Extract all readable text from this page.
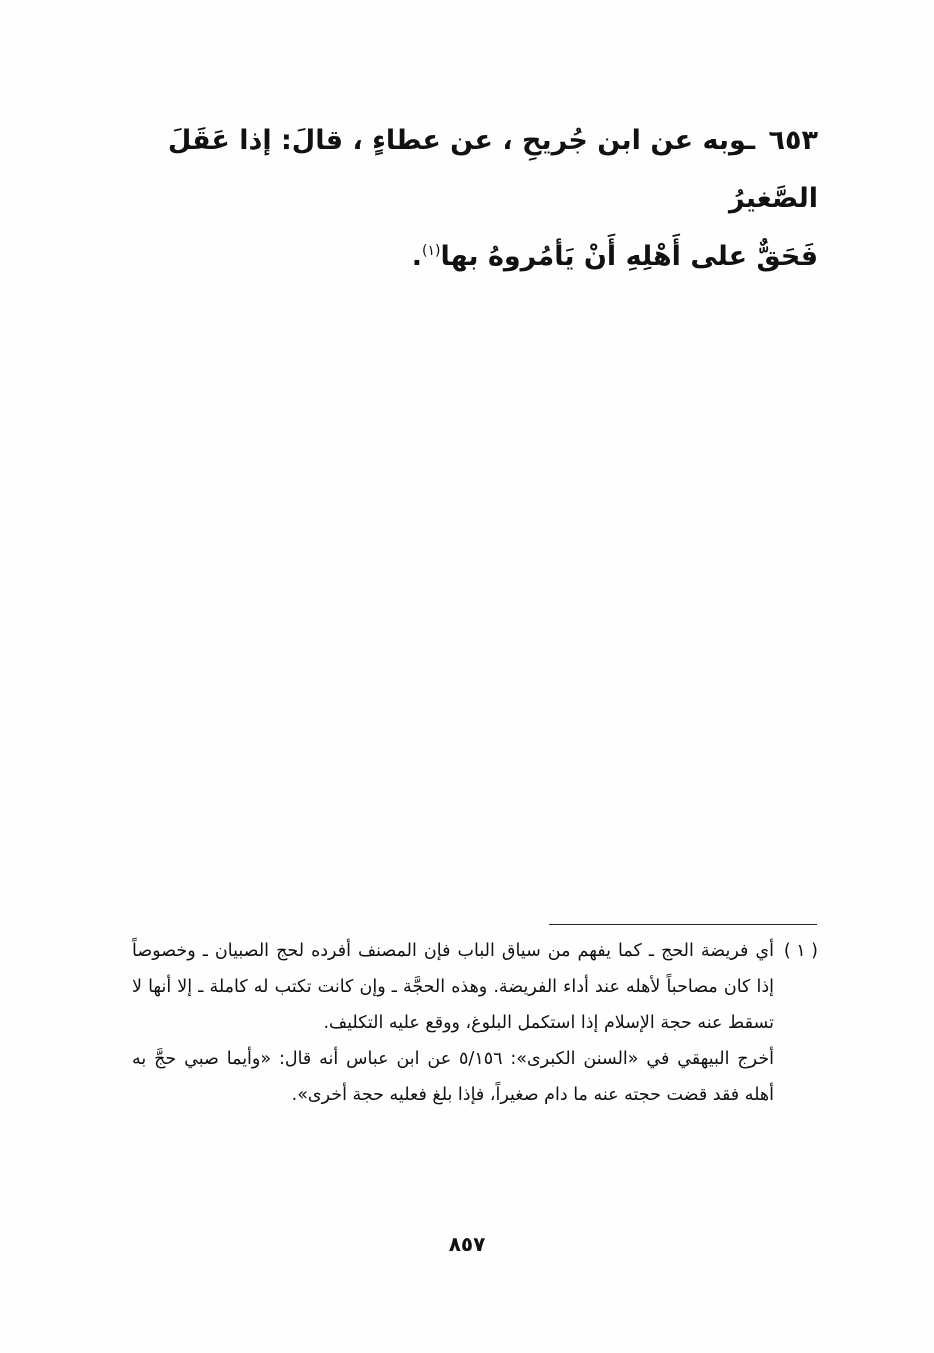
٦٥٣ ـوبه عن ابن جُريحِ ، عن عطاءٍ ، قالَ: إذا عَقَلَ الصَّغيرُ

فَحَقٌّ على أَهْلِهِ أَنْ يَأمُروهُ بها$^{(١)}$.

( ١ )

أي فريضة الحج ـ كما يفهم من سياق الباب فإن المصنف أفرده لحج الصبيان ـ وخصوصاً إذا كان مصاحباً لأهله عند أداء الفريضة. وهذه الحجَّة ـ وإن كانت تكتب له كاملة ـ إلا أنها لا تسقط عنه حجة الإسلام إذا استكمل البلوغ، ووقع عليه التكليف.

أخرج البيهقي في «السنن الكبرى»: ٥/١٥٦ عن ابن عباس أنه قال: «وأيما صبي حجَّ به أهله فقد قضت حجته عنه ما دام صغيراً، فإذا بلغ فعليه حجة أخرى».

٨٥٧
